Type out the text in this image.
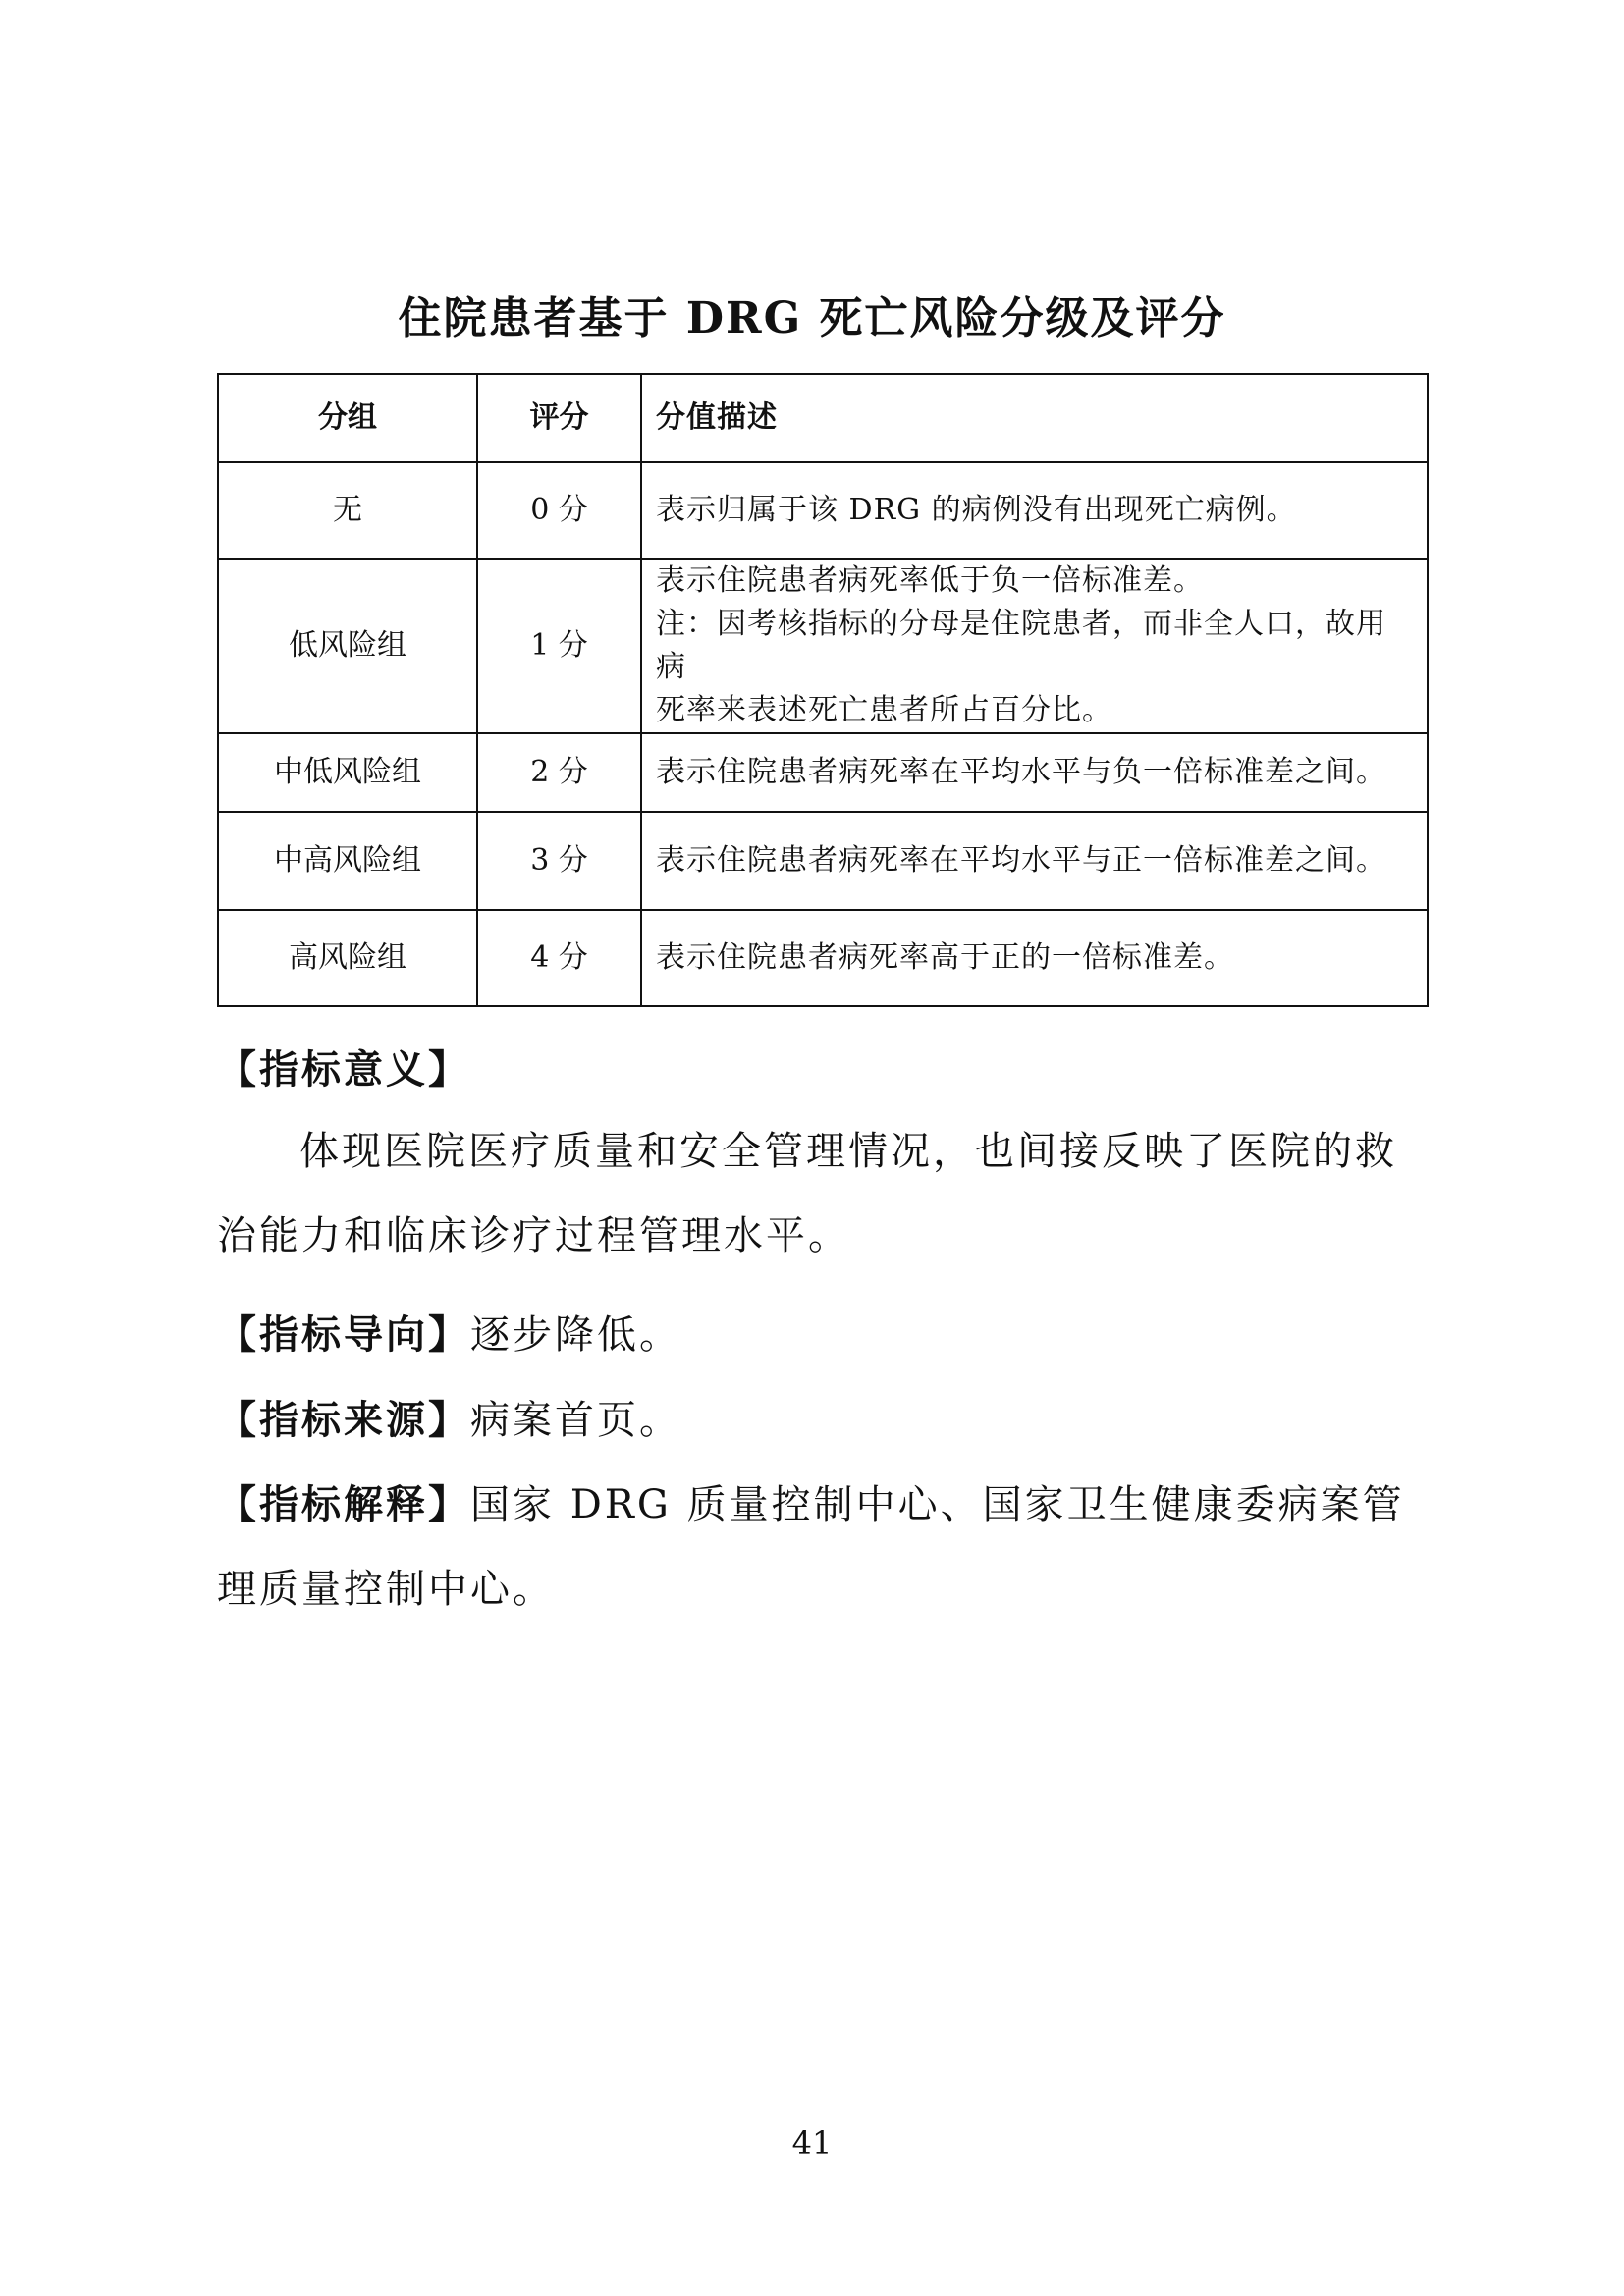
住院患者基于 DRG 死亡风险分级及评分
分组	评分	分值描述
无	0 分	表示归属于该 DRG 的病例没有出现死亡病例。

低风险组	1 分	表示住院患者病死率低于负一倍标准差。
注：因考核指标的分母是住院患者，而非全人口，故用病
死率来表述死亡患者所占百分比。

中低风险组	2 分	表示住院患者病死率在平均水平与负一倍标准差之间。

中高风险组	3 分	表示住院患者病死率在平均水平与正一倍标准差之间。

高风险组	4 分	表示住院患者病死率高于正的一倍标准差。
【指标意义】
体现医院医疗质量和安全管理情况，也间接反映了医院的救
治能力和临床诊疗过程管理水平。
【指标导向】逐步降低。
【指标来源】病案首页。
【指标解释】国家 DRG 质量控制中心、国家卫生健康委病案管
理质量控制中心。
41
